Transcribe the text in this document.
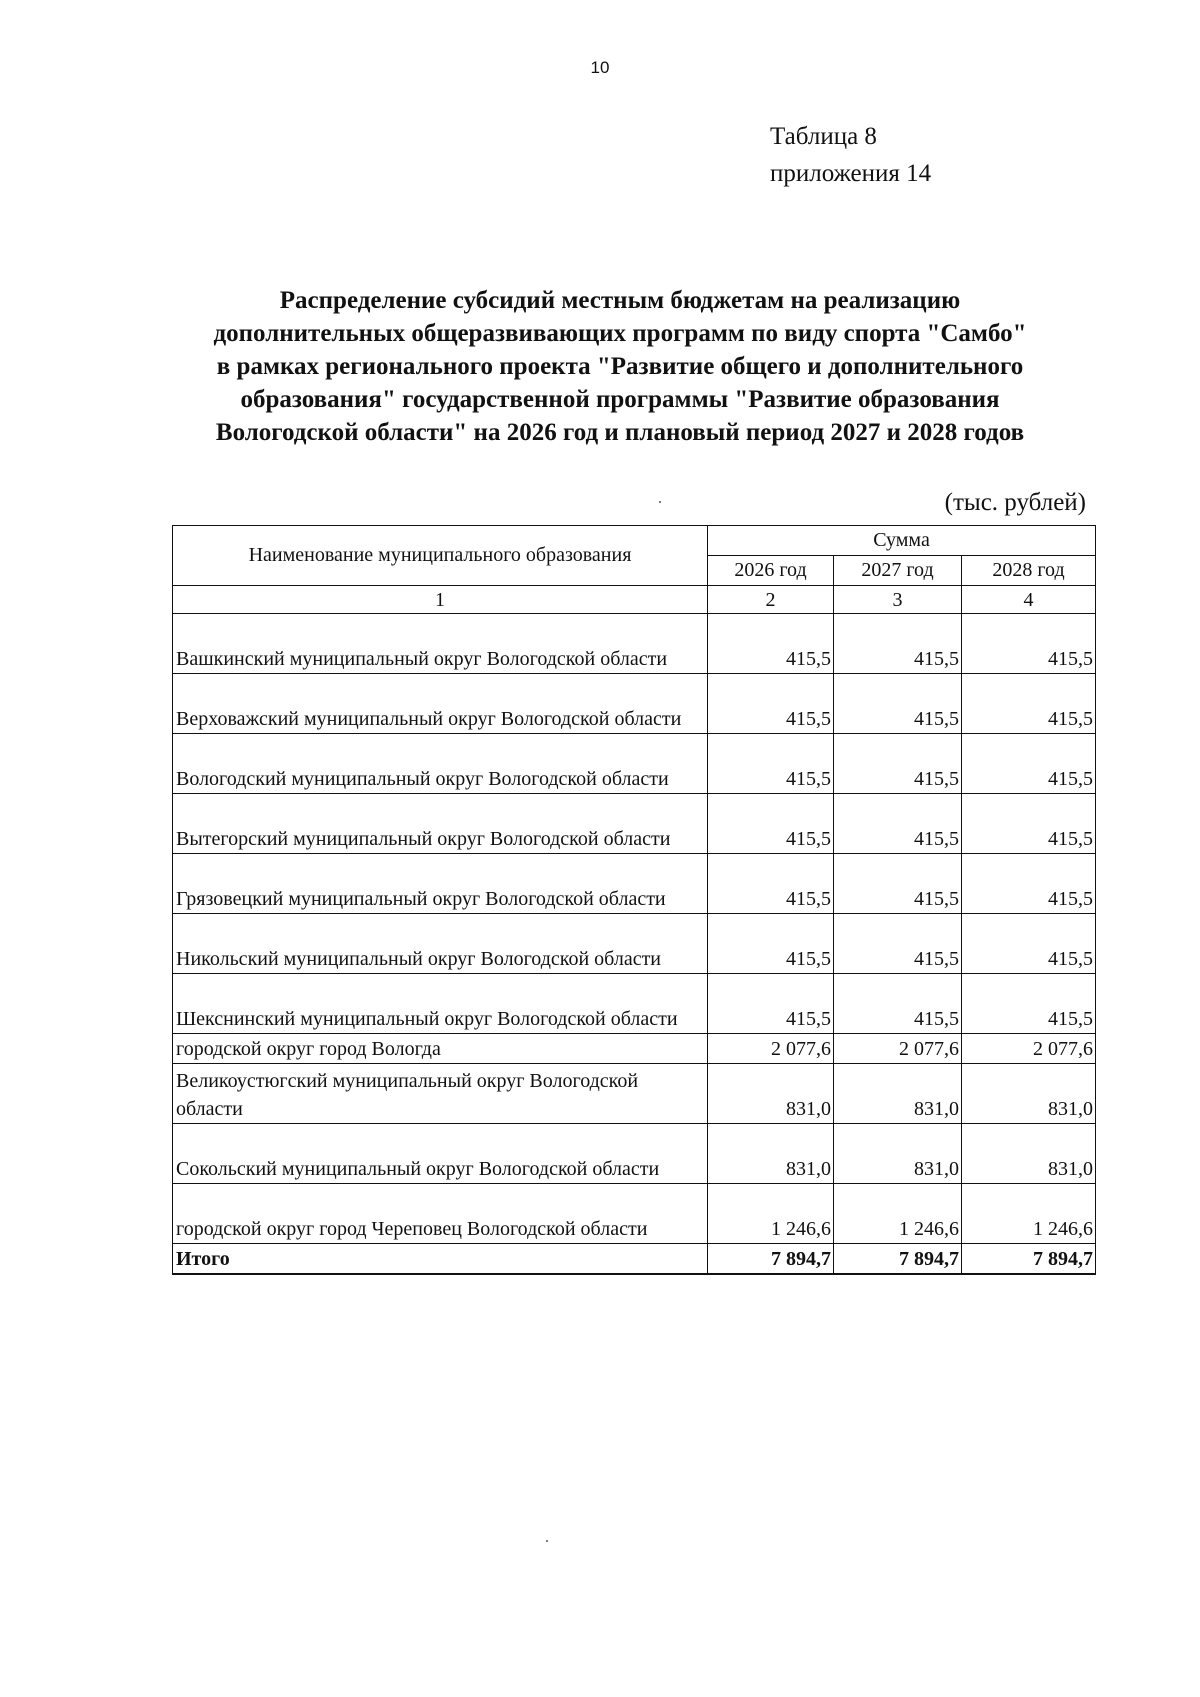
10
Таблица 8
приложения 14
Распределение субсидий местным бюджетам на реализацию
дополнительных общеразвивающих программ по виду спорта "Самбо"
в рамках регионального проекта "Развитие общего и дополнительного
образования" государственной программы "Развитие образования
Вологодской области" на 2026 год и плановый период 2027 и 2028 годов
(тыс. рублей)
Наименование муниципального образования	Сумма		
	2026 год	2027 год	2028 год
1	2	3	4
Вашкинский муниципальный округ Вологодской области	415,5	415,5	415,5
Верховажский муниципальный округ Вологодской области	415,5	415,5	415,5
Вологодский муниципальный округ Вологодской области	415,5	415,5	415,5
Вытегорский муниципальный округ Вологодской области	415,5	415,5	415,5
Грязовецкий муниципальный округ Вологодской области	415,5	415,5	415,5
Никольский муниципальный округ Вологодской области	415,5	415,5	415,5
Шекснинский муниципальный округ Вологодской области	415,5	415,5	415,5
городской округ город Вологда	2 077,6	2 077,6	2 077,6
Великоустюгский муниципальный округ Вологодской области	831,0	831,0	831,0
Сокольский муниципальный округ Вологодской области	831,0	831,0	831,0
городской округ город Череповец Вологодской области	1 246,6	1 246,6	1 246,6
Итого	7 894,7	7 894,7	7 894,7
